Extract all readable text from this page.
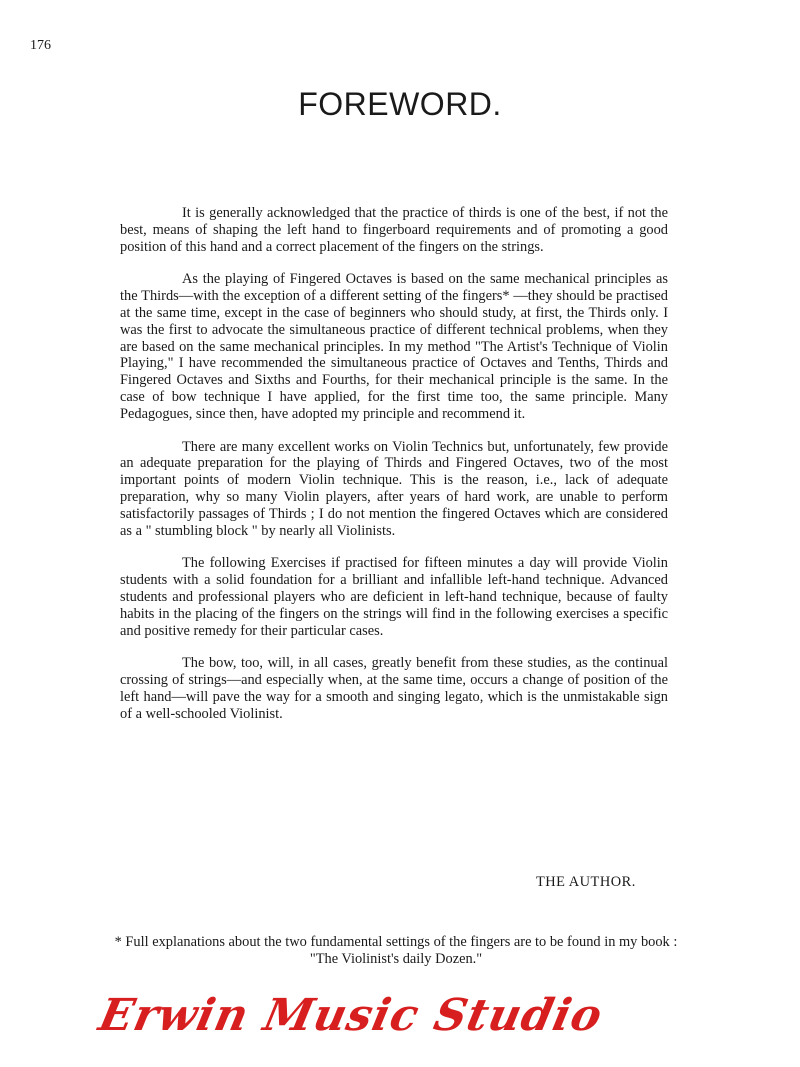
176
FOREWORD.

It is generally acknowledged that the practice of thirds is one of the best, if not the best, means of shaping the left hand to fingerboard requirements and of promoting a good position of this hand and a correct placement of the fingers on the strings.

As the playing of Fingered Octaves is based on the same mechanical principles as the Thirds—with the exception of a different setting of the fingers* —they should be practised at the same time, except in the case of beginners who should study, at first, the Thirds only. I was the first to advocate the simultaneous practice of different technical problems, when they are based on the same mechanical principles. In my method "The Artist's Technique of Violin Playing," I have recommended the simultaneous practice of Octaves and Tenths, Thirds and Fingered Octaves and Sixths and Fourths, for their mechanical principle is the same. In the case of bow technique I have applied, for the first time too, the same principle. Many Pedagogues, since then, have adopted my principle and recommend it.

There are many excellent works on Violin Technics but, unfortunately, few provide an adequate preparation for the playing of Thirds and Fingered Octaves, two of the most important points of modern Violin technique. This is the reason, i.e., lack of adequate preparation, why so many Violin players, after years of hard work, are unable to perform satisfactorily passages of Thirds ; I do not mention the fingered Octaves which are considered as a " stumbling block " by nearly all Violinists.

The following Exercises if practised for fifteen minutes a day will provide Violin students with a solid foundation for a brilliant and infallible left-hand technique. Advanced students and professional players who are deficient in left-hand technique, because of faulty habits in the placing of the fingers on the strings will find in the following exercises a specific and positive remedy for their particular cases.

The bow, too, will, in all cases, greatly benefit from these studies, as the continual crossing of strings—and especially when, at the same time, occurs a change of position of the left hand—will pave the way for a smooth and singing legato, which is the unmistakable sign of a well-schooled Violinist.

THE AUTHOR.
* Full explanations about the two fundamental settings of the fingers are to be found in my book : "The Violinist's daily Dozen."
Erwin Music Studio
